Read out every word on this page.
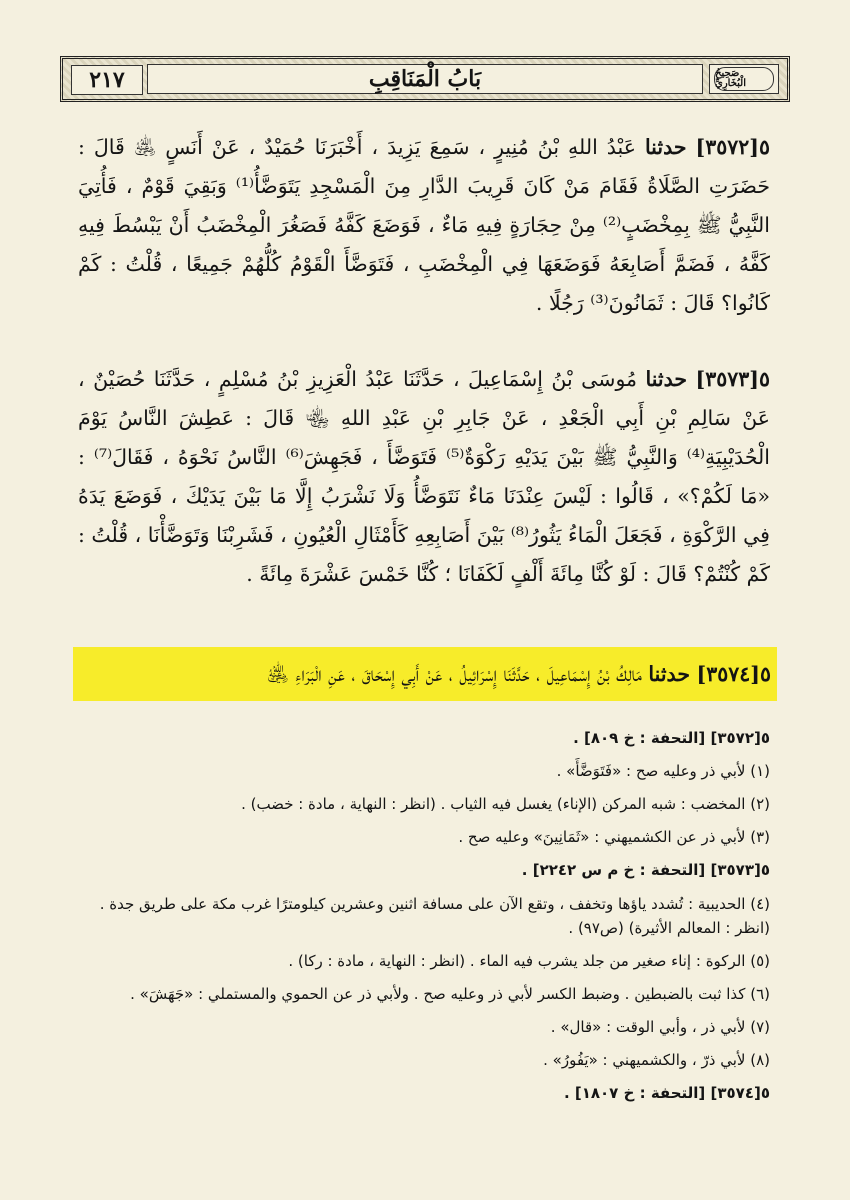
٢١٧	بَابُ الْمَنَاقِبِ	صَحِيحُ الْبُخَارِيِّ

٥[٣٥٧٢] حدثنا عَبْدُ اللهِ بْنُ مُنِيرٍ ، سَمِعَ يَزِيدَ ، أَخْبَرَنَا حُمَيْدٌ ، عَنْ أَنَسٍ ﵁ قَالَ : حَضَرَتِ الصَّلَاةُ فَقَامَ مَنْ كَانَ قَرِيبَ الدَّارِ مِنَ الْمَسْجِدِ يَتَوَضَّأُ⁽¹⁾ وَبَقِيَ قَوْمٌ ، فَأُتِيَ النَّبِيُّ ﷺ بِمِخْضَبٍ⁽²⁾ مِنْ حِجَارَةٍ فِيهِ مَاءٌ ، فَوَضَعَ كَفَّهُ فَصَغُرَ الْمِخْضَبُ أَنْ يَبْسُطَ فِيهِ كَفَّهُ ، فَضَمَّ أَصَابِعَهُ فَوَضَعَهَا فِي الْمِخْضَبِ ، فَتَوَضَّأَ الْقَوْمُ كُلُّهُمْ جَمِيعًا ، قُلْتُ : كَمْ كَانُوا؟ قَالَ : ثَمَانُونَ⁽³⁾ رَجُلًا .

٥[٣٥٧٣] حدثنا مُوسَى بْنُ إِسْمَاعِيلَ ، حَدَّثَنَا عَبْدُ الْعَزِيزِ بْنُ مُسْلِمٍ ، حَدَّثَنَا حُصَيْنٌ ، عَنْ سَالِمِ بْنِ أَبِي الْجَعْدِ ، عَنْ جَابِرِ بْنِ عَبْدِ اللهِ ﵄ قَالَ : عَطِشَ النَّاسُ يَوْمَ الْحُدَيْبِيَةِ⁽⁴⁾ وَالنَّبِيُّ ﷺ بَيْنَ يَدَيْهِ رَكْوَةٌ⁽⁵⁾ فَتَوَضَّأَ ، فَجَهِشَ⁽⁶⁾ النَّاسُ نَحْوَهُ ، فَقَالَ⁽⁷⁾ : «مَا لَكُمْ؟» ، قَالُوا : لَيْسَ عِنْدَنَا مَاءٌ نَتَوَضَّأُ وَلَا نَشْرَبُ إِلَّا مَا بَيْنَ يَدَيْكَ ، فَوَضَعَ يَدَهُ فِي الرَّكْوَةِ ، فَجَعَلَ الْمَاءُ يَثُورُ⁽⁸⁾ بَيْنَ أَصَابِعِهِ كَأَمْثَالِ الْعُيُونِ ، فَشَرِبْنَا وَتَوَضَّأْنَا ، قُلْتُ : كَمْ كُنْتُمْ؟ قَالَ : لَوْ كُنَّا مِائَةَ أَلْفٍ لَكَفَانَا ؛ كُنَّا خَمْسَ عَشْرَةَ مِائَةً .

٥[٣٥٧٤] حدثنا مَالِكُ بْنُ إِسْمَاعِيلَ ، حَدَّثَنَا إِسْرَائِيلُ ، عَنْ أَبِي إِسْحَاقَ ، عَنِ الْبَرَاءِ ﵁

٥[٣٥٧٢] [التحفة : خ ٨٠٩] .

(١) لأبي ذر وعليه صح : «فَتَوَضَّأَ» .

(٢) المخضب : شبه المركن (الإناء) يغسل فيه الثياب . (انظر : النهاية ، مادة : خضب) .

(٣) لأبي ذر عن الكشميهني : «ثَمَانِينَ» وعليه صح .

٥[٣٥٧٣] [التحفة : خ م س ٢٢٤٢] .

(٤) الحديبية : تُشدد ياؤها وتخفف ، وتقع الآن على مسافة اثنين وعشرين كيلومترًا غرب مكة على طريق جدة . (انظر : المعالم الأثيرة) (ص٩٧) .

(٥) الركوة : إناء صغير من جلد يشرب فيه الماء . (انظر : النهاية ، مادة : ركا) .

(٦) كذا ثبت بالضبطين . وضبط الكسر لأبي ذر وعليه صح . ولأبي ذر عن الحموي والمستملي : «جَهَشَ» .

(٧) لأبي ذر ، وأبي الوقت : «قال» .

(٨) لأبي ذرّ ، والكشميهني : «يَفُورُ» .

٥[٣٥٧٤] [التحفة : خ ١٨٠٧] .
